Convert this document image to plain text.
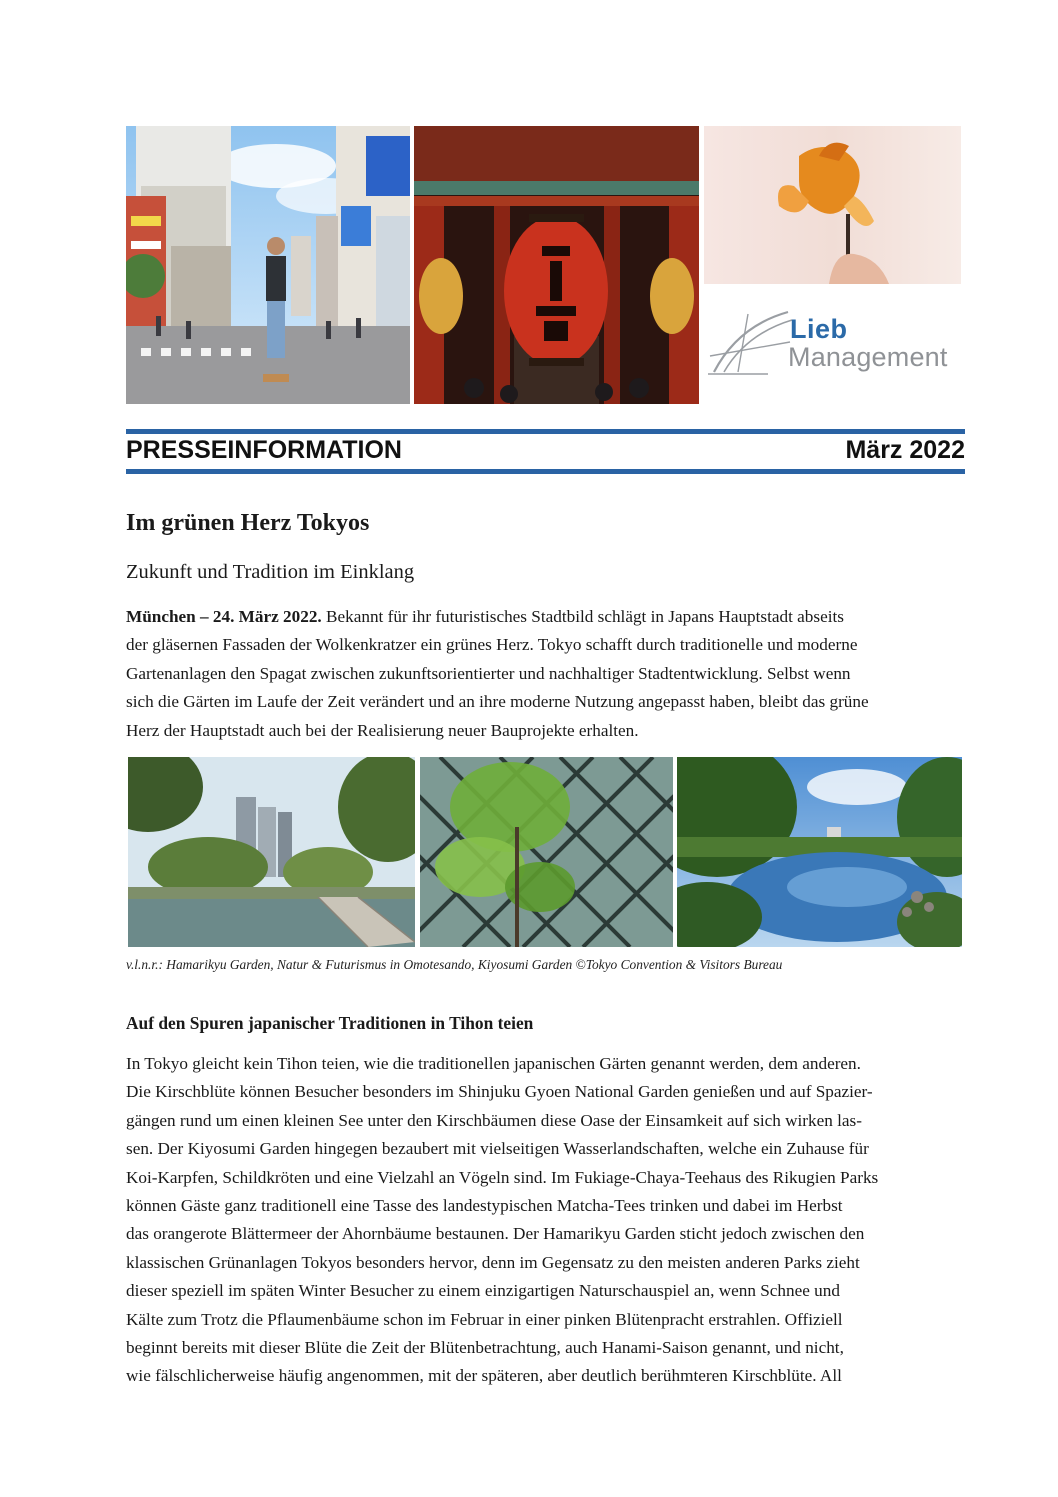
Lieb
Management
PRESSEINFORMATION	März 2022
Im grünen Herz Tokyos
Zukunft und Tradition im Einklang
München – 24. März 2022. Bekannt für ihr futuristisches Stadtbild schlägt in Japans Hauptstadt abseits
der gläsernen Fassaden der Wolkenkratzer ein grünes Herz. Tokyo schafft durch traditionelle und moderne
Gartenanlagen den Spagat zwischen zukunftsorientierter und nachhaltiger Stadtentwicklung. Selbst wenn
sich die Gärten im Laufe der Zeit verändert und an ihre moderne Nutzung angepasst haben, bleibt das grüne
Herz der Hauptstadt auch bei der Realisierung neuer Bauprojekte erhalten.
v.l.n.r.: Hamarikyu Garden, Natur & Futurismus in Omotesando, Kiyosumi Garden ©Tokyo Convention & Visitors Bureau
Auf den Spuren japanischer Traditionen in Tihon teien
In Tokyo gleicht kein Tihon teien, wie die traditionellen japanischen Gärten genannt werden, dem anderen.
Die Kirschblüte können Besucher besonders im Shinjuku Gyoen National Garden genießen und auf Spazier-
gängen rund um einen kleinen See unter den Kirschbäumen diese Oase der Einsamkeit auf sich wirken las-
sen. Der Kiyosumi Garden hingegen bezaubert mit vielseitigen Wasserlandschaften, welche ein Zuhause für
Koi-Karpfen, Schildkröten und eine Vielzahl an Vögeln sind. Im Fukiage-Chaya-Teehaus des Rikugien Parks
können Gäste ganz traditionell eine Tasse des landestypischen Matcha-Tees trinken und dabei im Herbst
das orangerote Blättermeer der Ahornbäume bestaunen. Der Hamarikyu Garden sticht jedoch zwischen den
klassischen Grünanlagen Tokyos besonders hervor, denn im Gegensatz zu den meisten anderen Parks zieht
dieser speziell im späten Winter Besucher zu einem einzigartigen Naturschauspiel an, wenn Schnee und
Kälte zum Trotz die Pflaumenbäume schon im Februar in einer pinken Blütenpracht erstrahlen. Offiziell
beginnt bereits mit dieser Blüte die Zeit der Blütenbetrachtung, auch Hanami-Saison genannt, und nicht,
wie fälschlicherweise häufig angenommen, mit der späteren, aber deutlich berühmteren Kirschblüte. All
